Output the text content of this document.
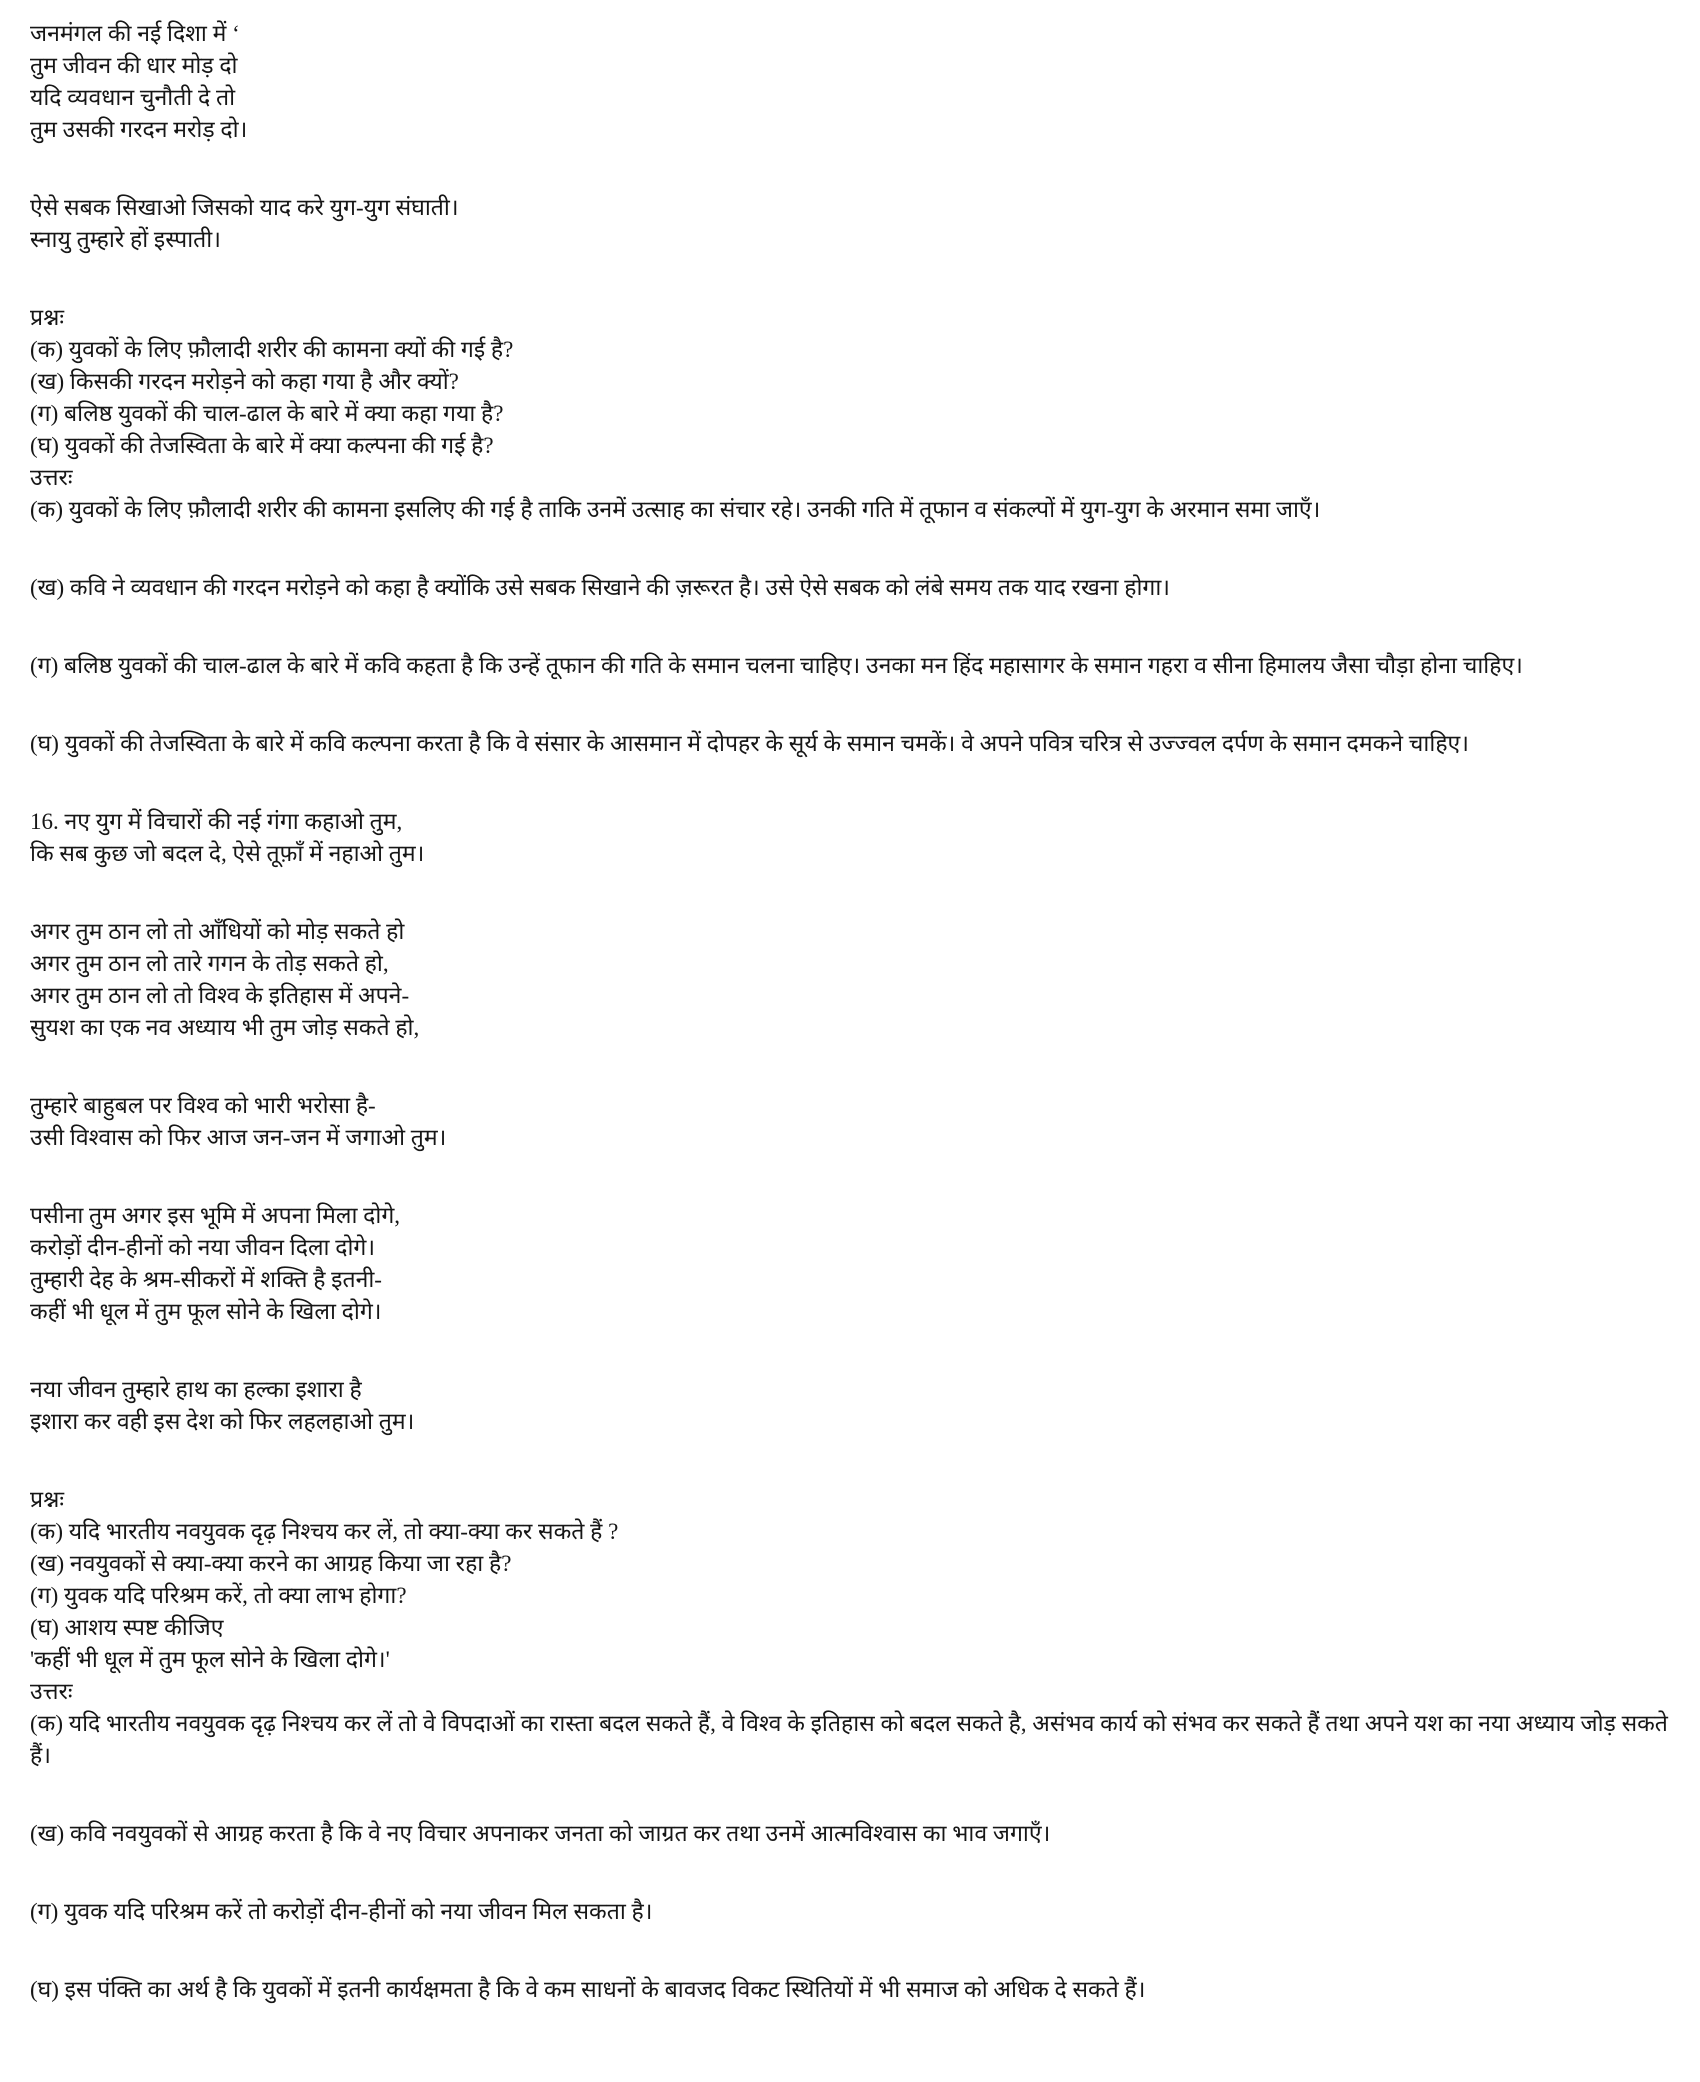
जनमंगल की नई दिशा में ‘
तुम जीवन की धार मोड़ दो
यदि व्यवधान चुनौती दे तो
तुम उसकी गरदन मरोड़ दो।
ऐसे सबक सिखाओ जिसको याद करे युग-युग संघाती।
स्नायु तुम्हारे हों इस्पाती।
प्रश्नः
(क) युवकों के लिए फ़ौलादी शरीर की कामना क्यों की गई है?
(ख) किसकी गरदन मरोड़ने को कहा गया है और क्यों?
(ग) बलिष्ठ युवकों की चाल-ढाल के बारे में क्या कहा गया है?
(घ) युवकों की तेजस्विता के बारे में क्या कल्पना की गई है?
उत्तरः
(क) युवकों के लिए फ़ौलादी शरीर की कामना इसलिए की गई है ताकि उनमें उत्साह का संचार रहे। उनकी गति में तूफान व संकल्पों में युग-युग के अरमान समा जाएँ।
(ख) कवि ने व्यवधान की गरदन मरोड़ने को कहा है क्योंकि उसे सबक सिखाने की ज़रूरत है। उसे ऐसे सबक को लंबे समय तक याद रखना होगा।
(ग) बलिष्ठ युवकों की चाल-ढाल के बारे में कवि कहता है कि उन्हें तूफान की गति के समान चलना चाहिए। उनका मन हिंद महासागर के समान गहरा व सीना हिमालय जैसा चौड़ा होना चाहिए।
(घ) युवकों की तेजस्विता के बारे में कवि कल्पना करता है कि वे संसार के आसमान में दोपहर के सूर्य के समान चमकें। वे अपने पवित्र चरित्र से उज्ज्वल दर्पण के समान दमकने चाहिए।
16. नए युग में विचारों की नई गंगा कहाओ तुम,
कि सब कुछ जो बदल दे, ऐसे तूफ़ाँ में नहाओ तुम।
अगर तुम ठान लो तो आँधियों को मोड़ सकते हो
अगर तुम ठान लो तारे गगन के तोड़ सकते हो,
अगर तुम ठान लो तो विश्व के इतिहास में अपने-
सुयश का एक नव अध्याय भी तुम जोड़ सकते हो,
तुम्हारे बाहुबल पर विश्व को भारी भरोसा है-
उसी विश्वास को फिर आज जन-जन में जगाओ तुम।
पसीना तुम अगर इस भूमि में अपना मिला दोगे,
करोड़ों दीन-हीनों को नया जीवन दिला दोगे।
तुम्हारी देह के श्रम-सीकरों में शक्ति है इतनी-
कहीं भी धूल में तुम फूल सोने के खिला दोगे।
नया जीवन तुम्हारे हाथ का हल्का इशारा है
इशारा कर वही इस देश को फिर लहलहाओ तुम।
प्रश्नः
(क) यदि भारतीय नवयुवक दृढ़ निश्चय कर लें, तो क्या-क्या कर सकते हैं ?
(ख) नवयुवकों से क्या-क्या करने का आग्रह किया जा रहा है?
(ग) युवक यदि परिश्रम करें, तो क्या लाभ होगा?
(घ) आशय स्पष्ट कीजिए
'कहीं भी धूल में तुम फूल सोने के खिला दोगे।'
उत्तरः
(क) यदि भारतीय नवयुवक दृढ़ निश्चय कर लें तो वे विपदाओं का रास्ता बदल सकते हैं, वे विश्व के इतिहास को बदल सकते है, असंभव कार्य को संभव कर सकते हैं तथा अपने यश का नया अध्याय जोड़ सकते हैं।
(ख) कवि नवयुवकों से आग्रह करता है कि वे नए विचार अपनाकर जनता को जाग्रत कर तथा उनमें आत्मविश्वास का भाव जगाएँ।
(ग) युवक यदि परिश्रम करें तो करोड़ों दीन-हीनों को नया जीवन मिल सकता है।
(घ) इस पंक्ति का अर्थ है कि युवकों में इतनी कार्यक्षमता है कि वे कम साधनों के बावजद विकट स्थितियों में भी समाज को अधिक दे सकते हैं।
